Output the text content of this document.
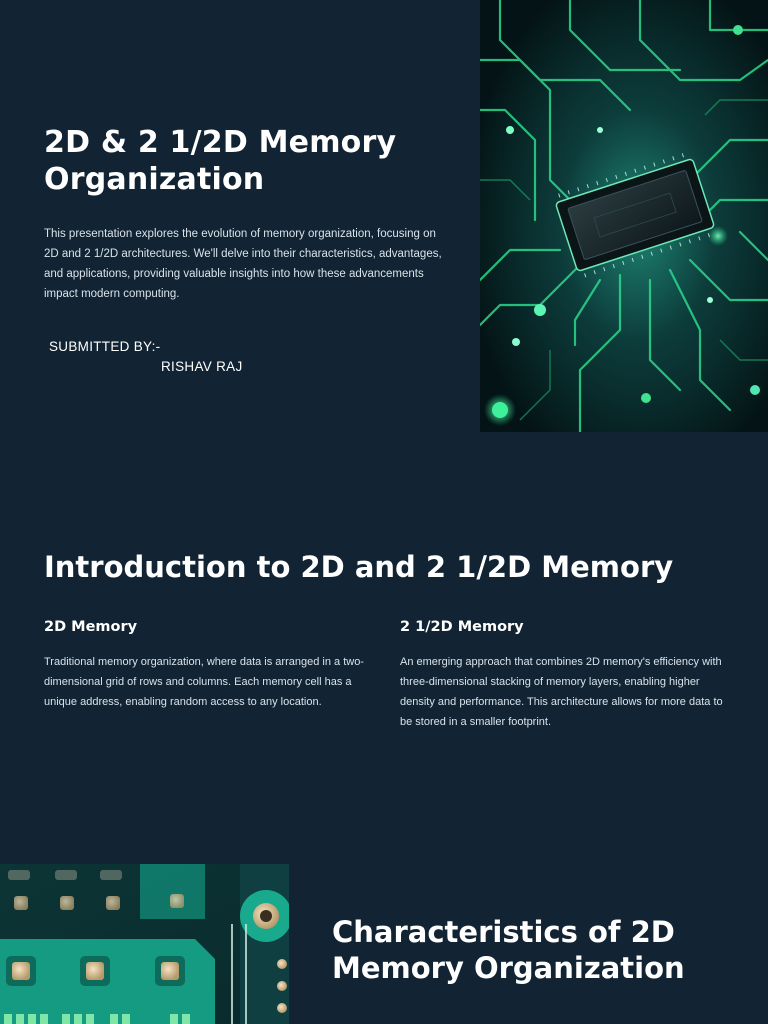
2D & 2 1/2D Memory Organization

This presentation explores the evolution of memory organization, focusing on 2D and 2 1/2D architectures. We'll delve into their characteristics, advantages, and applications, providing valuable insights into how these advancements impact modern computing.

SUBMITTED BY:-
RISHAV RAJ
Introduction to 2D and 2 1/2D Memory
2D Memory

Traditional memory organization, where data is arranged in a two-dimensional grid of rows and columns. Each memory cell has a unique address, enabling random access to any location.

2 1/2D Memory

An emerging approach that combines 2D memory's efficiency with three-dimensional stacking of memory layers, enabling higher density and performance. This architecture allows for more data to be stored in a smaller footprint.

Characteristics of 2D Memory Organization
